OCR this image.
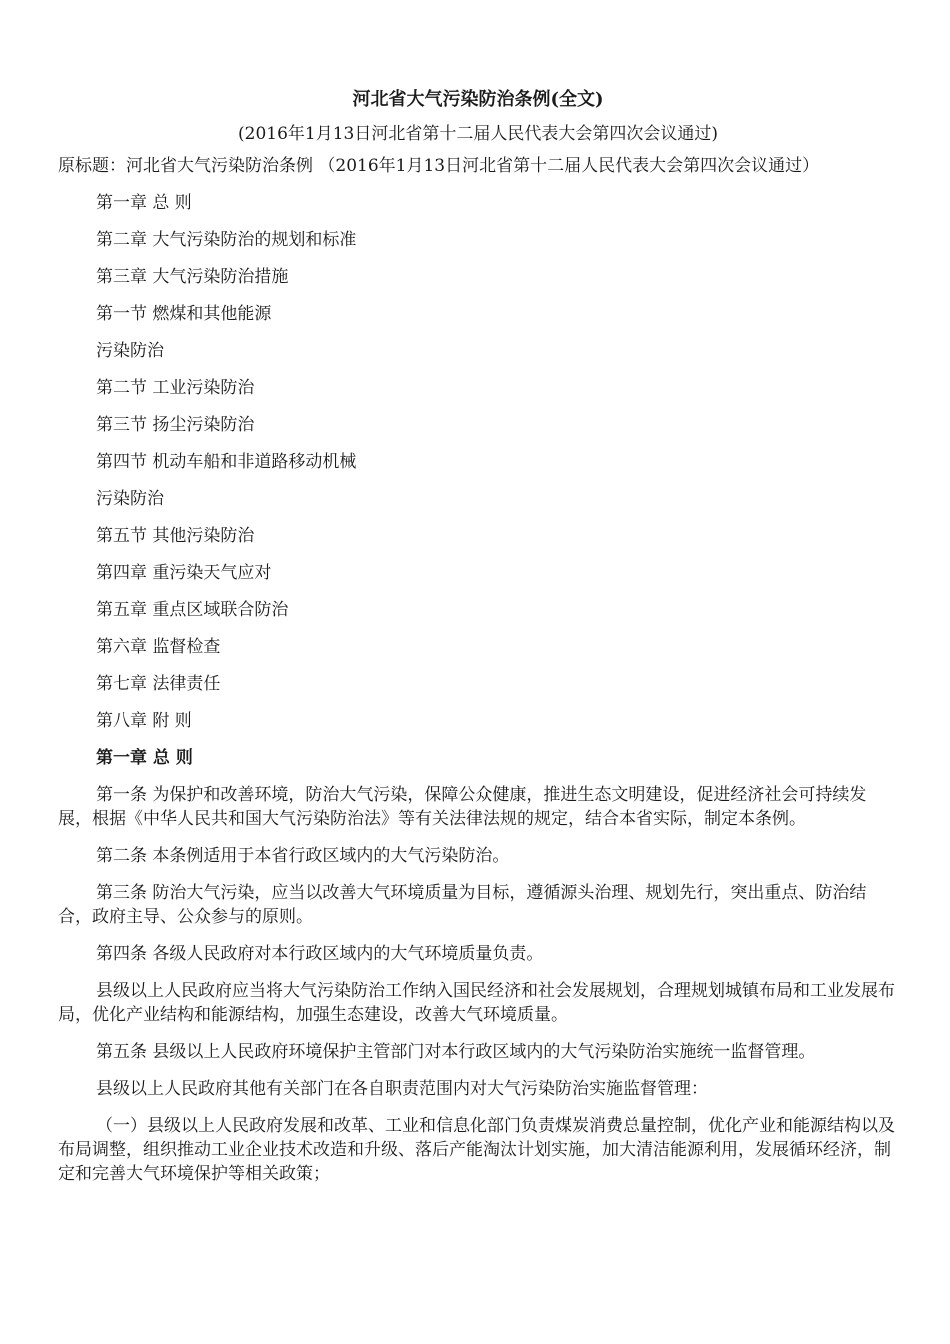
河北省大气污染防治条例(全文)
(2016年1月13日河北省第十二届人民代表大会第四次会议通过)
原标题：河北省大气污染防治条例 （2016年1月13日河北省第十二届人民代表大会第四次会议通过）
第一章 总 则
第二章 大气污染防治的规划和标准
第三章 大气污染防治措施
第一节 燃煤和其他能源
污染防治
第二节 工业污染防治
第三节 扬尘污染防治
第四节 机动车船和非道路移动机械
污染防治
第五节 其他污染防治
第四章 重污染天气应对
第五章 重点区域联合防治
第六章 监督检查
第七章 法律责任
第八章 附 则
第一章 总 则
第一条 为保护和改善环境，防治大气污染，保障公众健康，推进生态文明建设，促进经济社会可持续发展，根据《中华人民共和国大气污染防治法》等有关法律法规的规定，结合本省实际，制定本条例。
第二条 本条例适用于本省行政区域内的大气污染防治。
第三条 防治大气污染，应当以改善大气环境质量为目标，遵循源头治理、规划先行，突出重点、防治结合，政府主导、公众参与的原则。
第四条 各级人民政府对本行政区域内的大气环境质量负责。
县级以上人民政府应当将大气污染防治工作纳入国民经济和社会发展规划，合理规划城镇布局和工业发展布局，优化产业结构和能源结构，加强生态建设，改善大气环境质量。
第五条 县级以上人民政府环境保护主管部门对本行政区域内的大气污染防治实施统一监督管理。
县级以上人民政府其他有关部门在各自职责范围内对大气污染防治实施监督管理：
（一）县级以上人民政府发展和改革、工业和信息化部门负责煤炭消费总量控制，优化产业和能源结构以及布局调整，组织推动工业企业技术改造和升级、落后产能淘汰计划实施，加大清洁能源利用，发展循环经济，制定和完善大气环境保护等相关政策；
